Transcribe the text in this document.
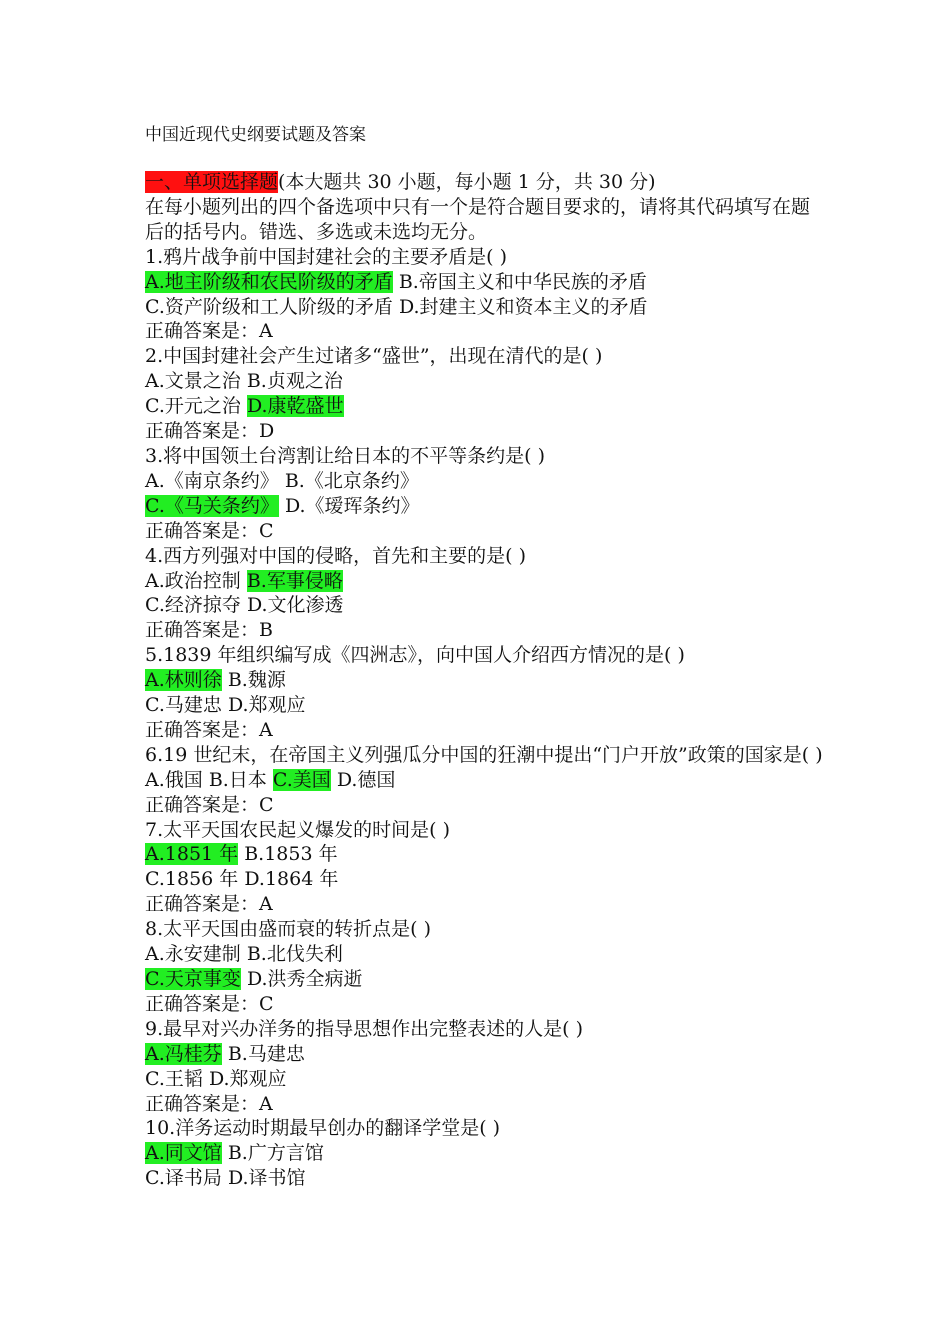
中国近现代史纲要试题及答案
一、单项选择题(本大题共 30 小题，每小题 1 分，共 30 分)
在每小题列出的四个备选项中只有一个是符合题目要求的，请将其代码填写在题后的括号内。错选、多选或未选均无分。
1.鸦片战争前中国封建社会的主要矛盾是( )
A.地主阶级和农民阶级的矛盾 B.帝国主义和中华民族的矛盾
C.资产阶级和工人阶级的矛盾 D.封建主义和资本主义的矛盾
正确答案是：A
2.中国封建社会产生过诸多“盛世”，出现在清代的是( )
A.文景之治 B.贞观之治
C.开元之治 D.康乾盛世
正确答案是：D
3.将中国领土台湾割让给日本的不平等条约是( )
A.《南京条约》 B.《北京条约》
C.《马关条约》 D.《瑷珲条约》
正确答案是：C
4.西方列强对中国的侵略，首先和主要的是( )
A.政治控制 B.军事侵略
C.经济掠夺 D.文化渗透
正确答案是：B
5.1839 年组织编写成《四洲志》，向中国人介绍西方情况的是( )
A.林则徐 B.魏源
C.马建忠 D.郑观应
正确答案是：A
6.19 世纪末，在帝国主义列强瓜分中国的狂潮中提出“门户开放”政策的国家是( )
A.俄国 B.日本 C.美国 D.德国
正确答案是：C
7.太平天国农民起义爆发的时间是( )
A.1851 年 B.1853 年
C.1856 年 D.1864 年
正确答案是：A
8.太平天国由盛而衰的转折点是( )
A.永安建制 B.北伐失利
C.天京事变 D.洪秀全病逝
正确答案是：C
9.最早对兴办洋务的指导思想作出完整表述的人是( )
A.冯桂芬 B.马建忠
C.王韬 D.郑观应
正确答案是：A
10.洋务运动时期最早创办的翻译学堂是( )
A.同文馆 B.广方言馆
C.译书局 D.译书馆
